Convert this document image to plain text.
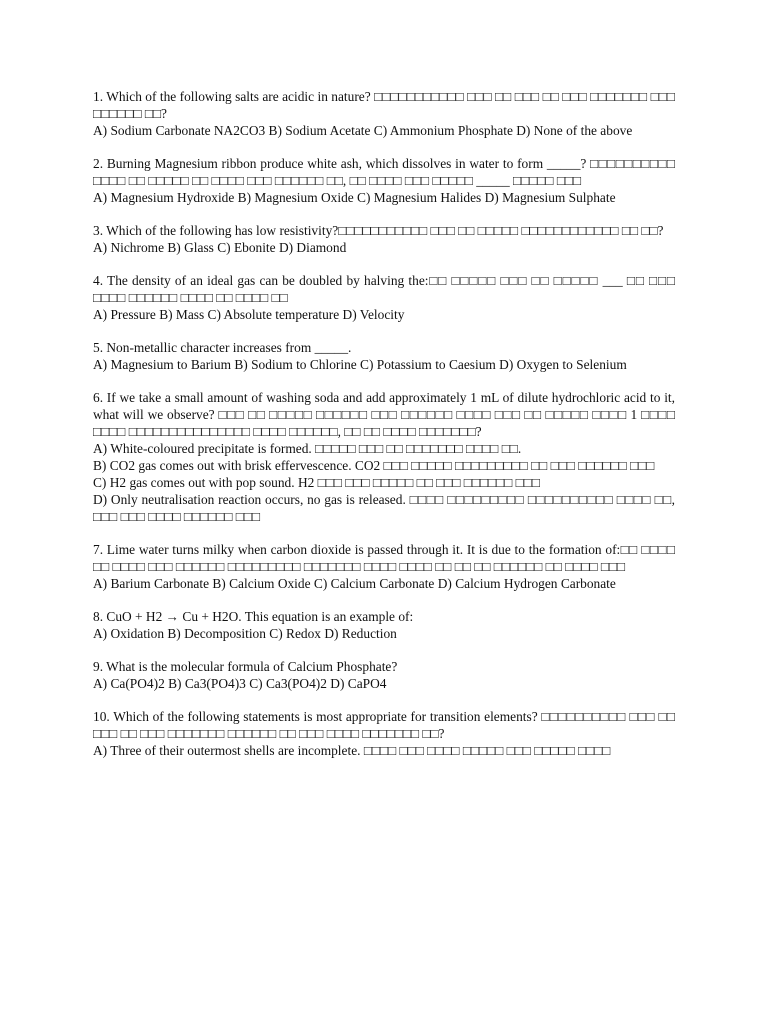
1. Which of the following salts are acidic in nature? □□□□□□□□□□□ □□□ □□ □□□ □□ □□□ □□□□□□□ □□□ □□□□□□ □□?

A) Sodium Carbonate NA2CO3 B) Sodium Acetate C) Ammonium Phosphate D) None of the above

2. Burning Magnesium ribbon produce white ash, which dissolves in water to form _____? □□□□□□□□□□ □□□□ □□ □□□□□ □□ □□□□ □□□ □□□□□□ □□, □□ □□□□ □□□ □□□□□ _____ □□□□□ □□□

A) Magnesium Hydroxide B) Magnesium Oxide C) Magnesium Halides D) Magnesium Sulphate

3. Which of the following has low resistivity?□□□□□□□□□□□ □□□ □□ □□□□□ □□□□□□□□□□□□ □□ □□?

A) Nichrome B) Glass C) Ebonite D) Diamond

4. The density of an ideal gas can be doubled by halving the:□□ □□□□□ □□□ □□ □□□□□ ___ □□ □□□ □□□□ □□□□□□ □□□□ □□ □□□□ □□

A) Pressure B) Mass C) Absolute temperature D) Velocity

5. Non-metallic character increases from _____.

A) Magnesium to Barium B) Sodium to Chlorine C) Potassium to Caesium D) Oxygen to Selenium

6. If we take a small amount of washing soda and add approximately 1 mL of dilute hydrochloric acid to it, what will we observe? □□□ □□ □□□□□ □□□□□□ □□□ □□□□□□ □□□□ □□□ □□ □□□□□ □□□□ 1 □□□□ □□□□ □□□□□□□□□□□□□□□ □□□□ □□□□□□, □□ □□ □□□□ □□□□□□□?

A) White-coloured precipitate is formed. □□□□□ □□□ □□ □□□□□□□ □□□□ □□.

B) CO2 gas comes out with brisk effervescence. CO2 □□□ □□□□□ □□□□□□□□□ □□ □□□ □□□□□□ □□□

C) H2 gas comes out with pop sound. H2 □□□ □□□ □□□□□ □□ □□□ □□□□□□ □□□

D) Only neutralisation reaction occurs, no gas is released. □□□□ □□□□□□□□□ □□□□□□□□□□ □□□□ □□, □□□ □□□ □□□□ □□□□□□ □□□

7. Lime water turns milky when carbon dioxide is passed through it. It is due to the formation of:□□ □□□□ □□ □□□□ □□□ □□□□□□ □□□□□□□□□ □□□□□□□ □□□□ □□□□ □□ □□ □□ □□□□□□ □□ □□□□ □□□

A) Barium Carbonate B) Calcium Oxide C) Calcium Carbonate D) Calcium Hydrogen Carbonate

8. CuO + H2 → Cu + H2O. This equation is an example of:

A) Oxidation B) Decomposition C) Redox D) Reduction

9. What is the molecular formula of Calcium Phosphate?

A) Ca(PO4)2 B) Ca3(PO4)3 C) Ca3(PO4)2 D) CaPO4

10. Which of the following statements is most appropriate for transition elements? □□□□□□□□□□ □□□ □□ □□□ □□ □□□ □□□□□□□ □□□□□□ □□ □□□ □□□□ □□□□□□□ □□?

A) Three of their outermost shells are incomplete. □□□□ □□□ □□□□ □□□□□ □□□ □□□□□ □□□□
